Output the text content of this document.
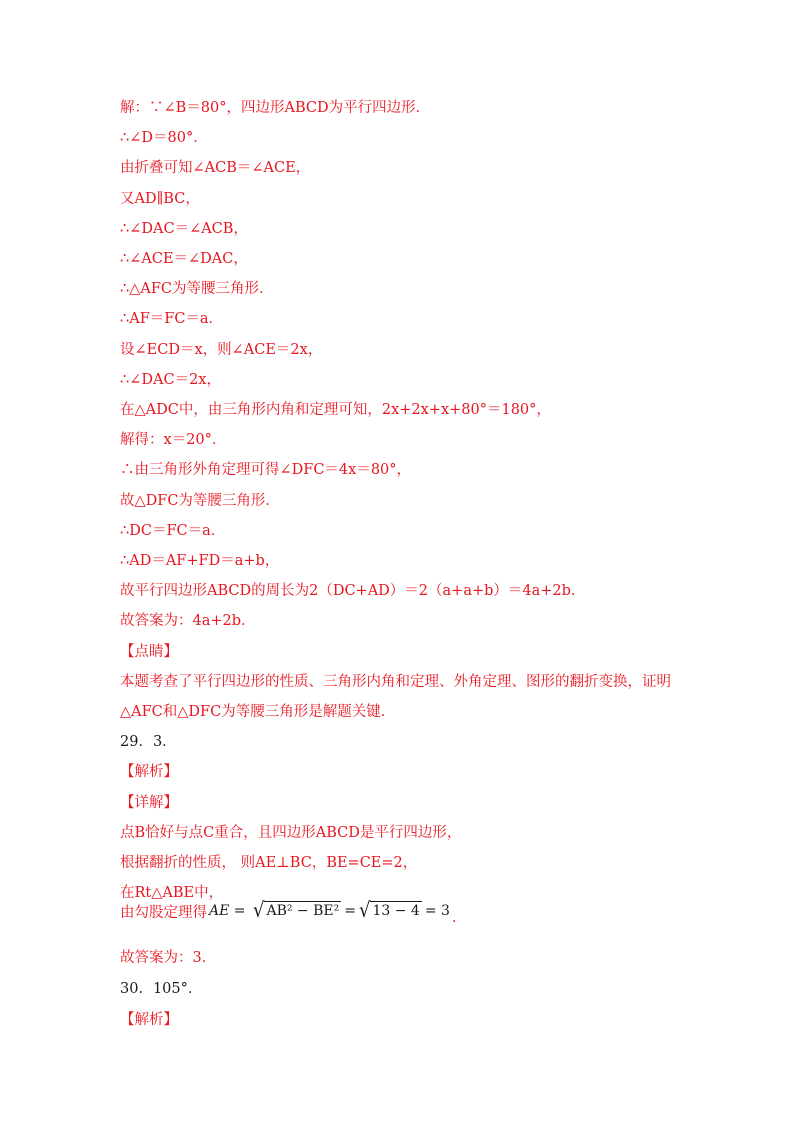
解：∵∠B＝80°，四边形ABCD为平行四边形．
∴∠D＝80°．
由折叠可知∠ACB＝∠ACE，
又AD∥BC，
∴∠DAC＝∠ACB，
∴∠ACE＝∠DAC，
∴△AFC为等腰三角形．
∴AF＝FC＝a．
设∠ECD＝x，则∠ACE＝2x，
∴∠DAC＝2x，
在△ADC中，由三角形内角和定理可知，2x+2x+x+80°＝180°，
解得：x＝20°．
∴由三角形外角定理可得∠DFC＝4x＝80°，
故△DFC为等腰三角形．
∴DC＝FC＝a．
∴AD＝AF+FD＝a+b，
故平行四边形ABCD的周长为2（DC+AD）＝2（a+a+b）＝4a+2b．
故答案为：4a+2b．
【点睛】
本题考查了平行四边形的性质、三角形内角和定理、外角定理、图形的翻折变换，证明
△AFC和△DFC为等腰三角形是解题关键．
29．3．
【解析】
【详解】
点B恰好与点C重合，且四边形ABCD是平行四边形，
根据翻折的性质， 则AE⊥BC，BE=CE=2，
在Rt△ABE中，
由勾股定理得 AE
=
√ AB² − BE² = √ 13 − 4 =
3 .
故答案为：3．
30．105°．
【解析】
